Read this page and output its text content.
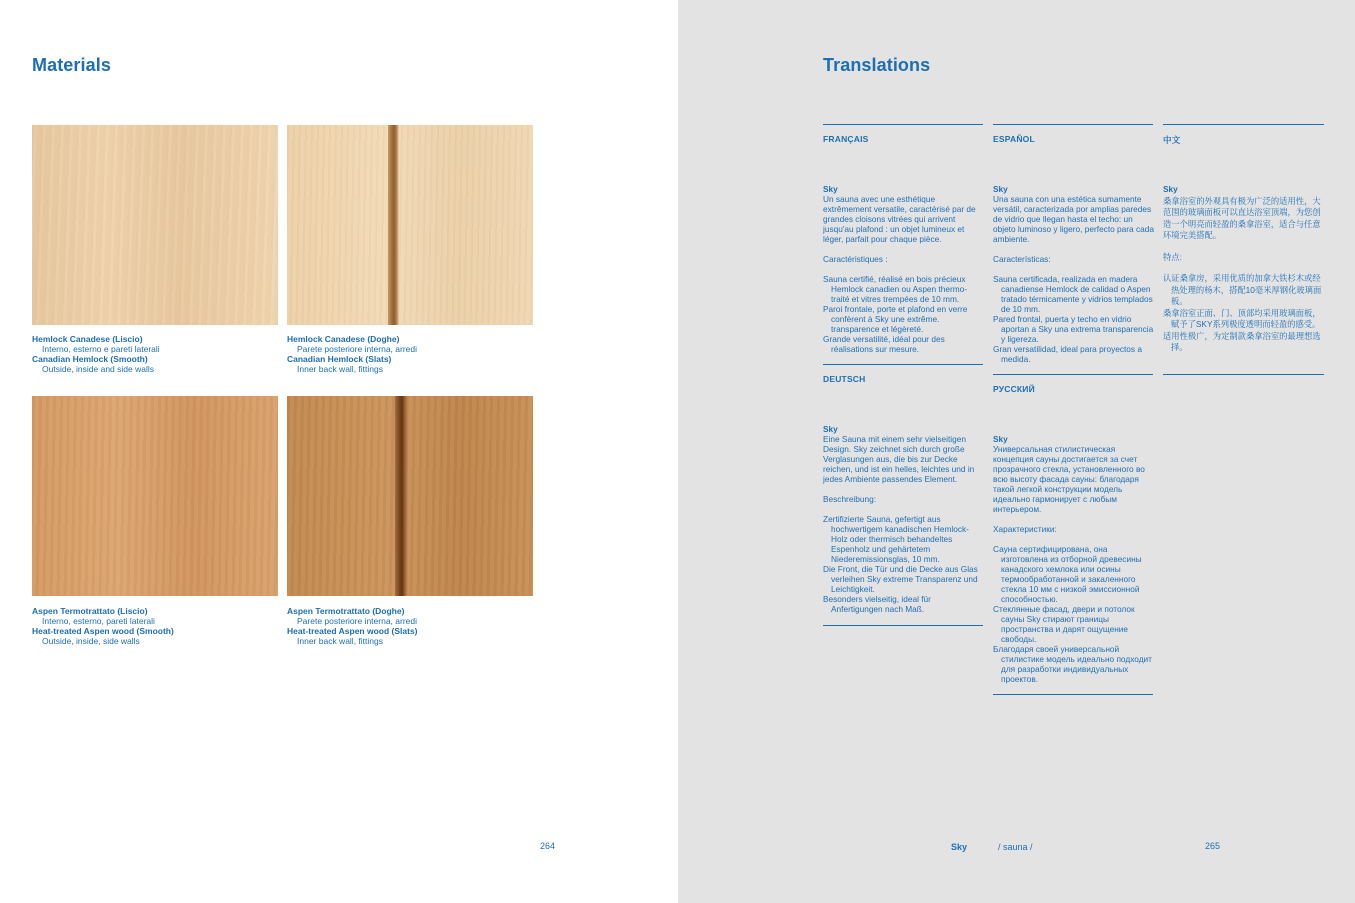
Materials
Hemlock Canadese (Liscio)
Interno, esterno e pareti laterali
Canadian Hemlock (Smooth)
Outside, inside and side walls
Hemlock Canadese (Doghe)
Parete posteriore interna, arredi
Canadian Hemlock (Slats)
Inner back wall, fittings
Aspen Termotrattato (Liscio)
Interno, esterno, pareti laterali
Heat-treated Aspen wood (Smooth)
Outside, inside, side walls
Aspen Termotrattato (Doghe)
Parete posteriore interna, arredi
Heat-treated Aspen wood (Slats)
Inner back wall, fittings
264
Translations
FRANÇAIS	ESPAÑOL	中文
Sky

Un sauna avec une esthétique extrêmement versatile, caractérisé par de grandes cloisons vitrées qui arrivent jusqu'au plafond : un objet lumineux et léger, parfait pour chaque pièce.

Caractéristiques :

Sauna certifié, réalisé en bois précieux Hemlock canadien ou Aspen thermo-traité et vitres trempées de 10 mm.

Paroi frontale, porte et plafond en verre confèrent à Sky une extrême. transparence et légèreté.

Grande versatilité, idéal pour des réalisations sur mesure.

Sky

Una sauna con una estética sumamente versátil, caracterizada por amplias paredes de vidrio que llegan hasta el techo: un objeto luminoso y ligero, perfecto para cada ambiente.

Características:

Sauna certificada, realizada en madera canadiense Hemlock de calidad o Aspen tratado térmicamente y vidrios templados de 10 mm.

Pared frontal, puerta y techo en vidrio aportan a Sky una extrema transparencia y ligereza.

Gran versatilidad, ideal para proyectos a medida.

Sky

桑拿浴室的外观具有极为广泛的适用性，大范围的玻璃面板可以直达浴室顶端，为您创造一个明亮而轻盈的桑拿浴室，适合与任意环境完美搭配。

特点:

认证桑拿房，采用优质的加拿大铁杉木或经热处理的杨木，搭配10毫米厚钢化玻璃面板。

桑拿浴室正面、门、顶部均采用玻璃面板，赋予了SKY系列极度透明而轻盈的感受。

适用性极广，为定制款桑拿浴室的最理想选择。

DEUTSCH
РУССКИЙ
Sky

Eine Sauna mit einem sehr vielseitigen Design. Sky zeichnet sich durch große Verglasungen aus, die bis zur Decke reichen, und ist ein helles, leichtes und in jedes Ambiente passendes Element.

Beschreibung:

Zertifizierte Sauna, gefertigt aus hochwertigem kanadischen Hemlock-Holz oder thermisch behandeltes Espenholz und gehärtetem Niederemissionsglas, 10 mm.

Die Front, die Tür und die Decke aus Glas verleihen Sky extreme Transparenz und Leichtigkeit.

Besonders vielseitig, ideal für Anfertigungen nach Maß.

Sky

Универсальная стилистическая концепция сауны достигается за счет прозрачного стекла, установленного во всю высоту фасада сауны: благодаря такой легкой конструкции модель идеально гармонирует с любым интерьером.

Характеристики:

Сауна сертифицирована, она изготовлена из отборной древесины канадского хемлока или осины термообработанной и закаленного стекла 10 мм с низкой эмиссионной способностью.

Стеклянные фасад, двери и потолок сауны Sky стирают границы пространства и дарят ощущение свободы.

Благодаря своей универсальной стилистике модель идеально подходит для разработки индивидуальных проектов.

Sky	/ sauna /	265
